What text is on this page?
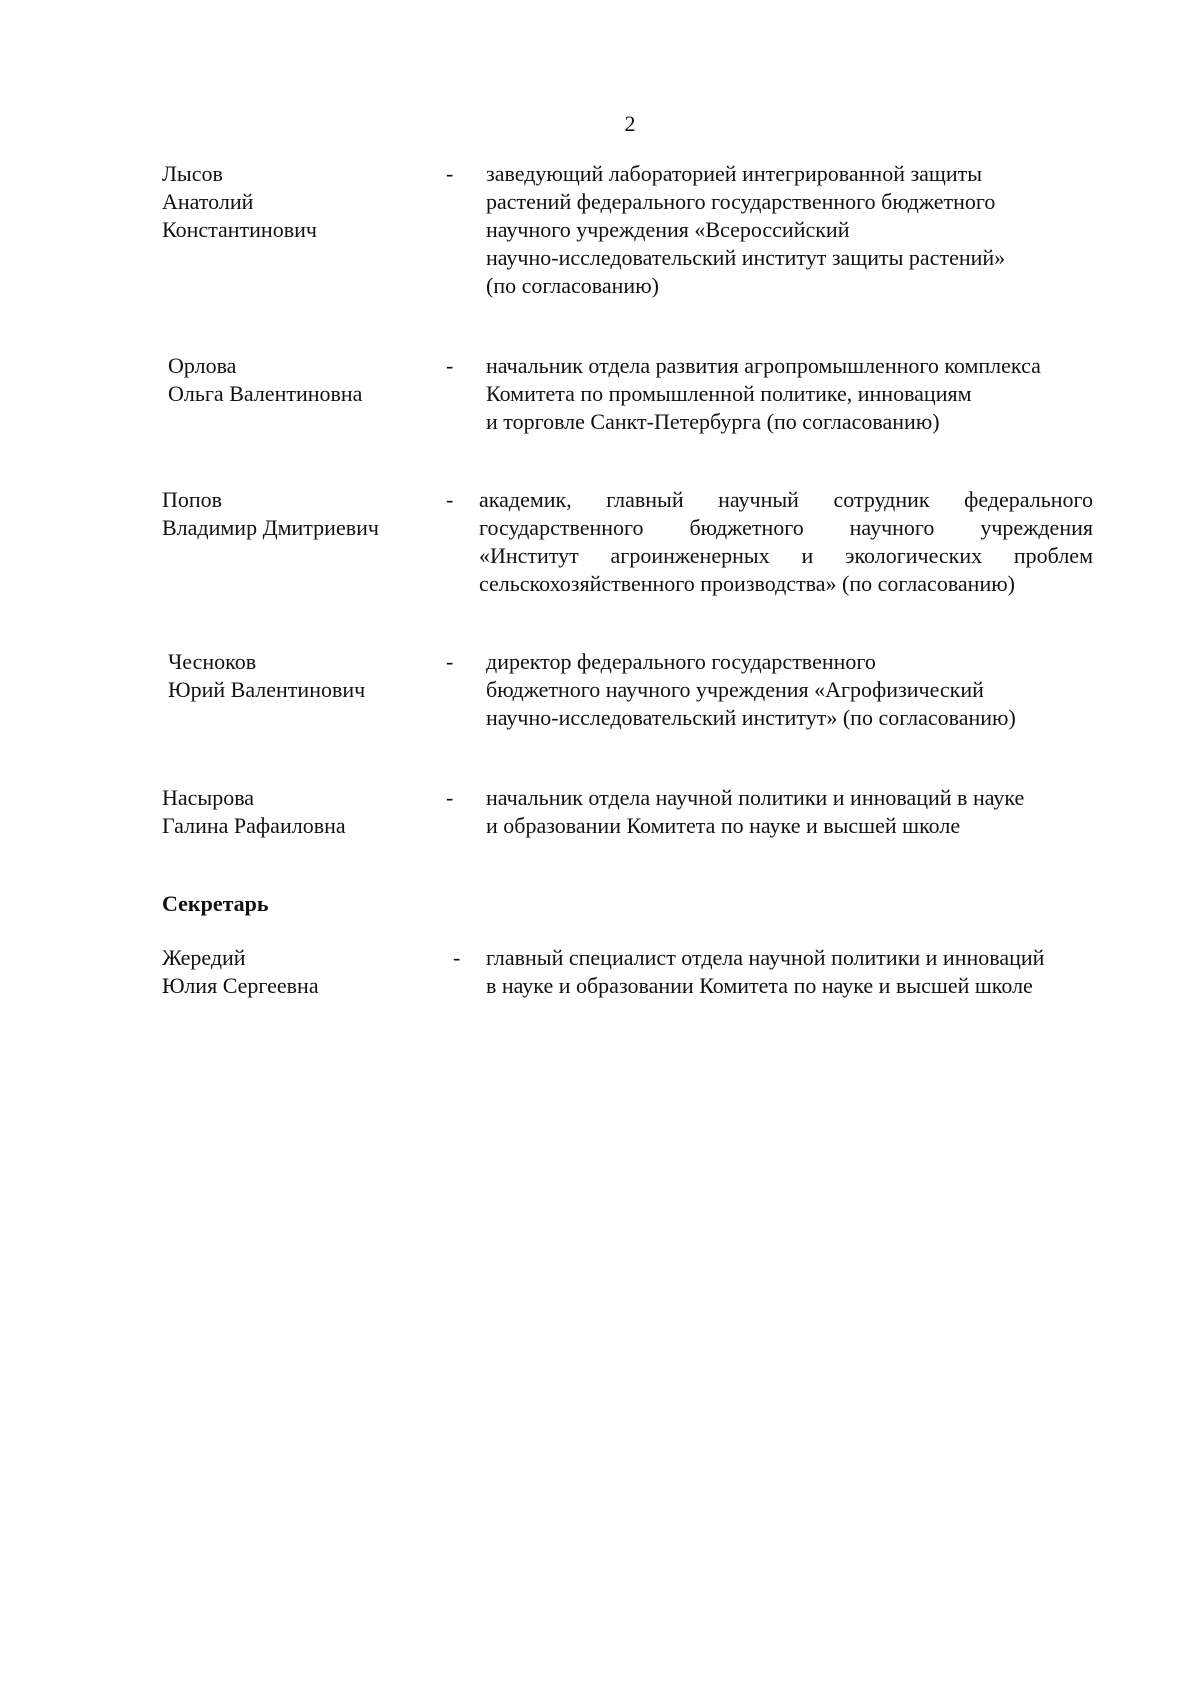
2
Лысов
Анатолий
Константинович
- заведующий лабораторией интегрированной защиты
растений федерального государственного бюджетного
научного учреждения «Всероссийский
научно-исследовательский институт защиты растений»
(по согласованию)
Орлова
Ольга Валентиновна
- начальник отдела развития агропромышленного комплекса
Комитета по промышленной политике, инновациям
и торговле Санкт-Петербурга (по согласованию)
Попов
Владимир Дмитриевич
- академик, главный научный сотрудник федерального
государственного бюджетного научного учреждения
«Институт агроинженерных и экологических проблем
сельскохозяйственного производства» (по согласованию)
Чесноков
Юрий Валентинович
- директор федерального государственного
бюджетного научного учреждения «Агрофизический
научно-исследовательский институт» (по согласованию)
Насырова
Галина Рафаиловна
- начальник отдела научной политики и инноваций в науке
и образовании Комитета по науке и высшей школе
Секретарь
Жередий
Юлия Сергеевна
- главный специалист отдела научной политики и инноваций
в науке и образовании Комитета по науке и высшей школе
